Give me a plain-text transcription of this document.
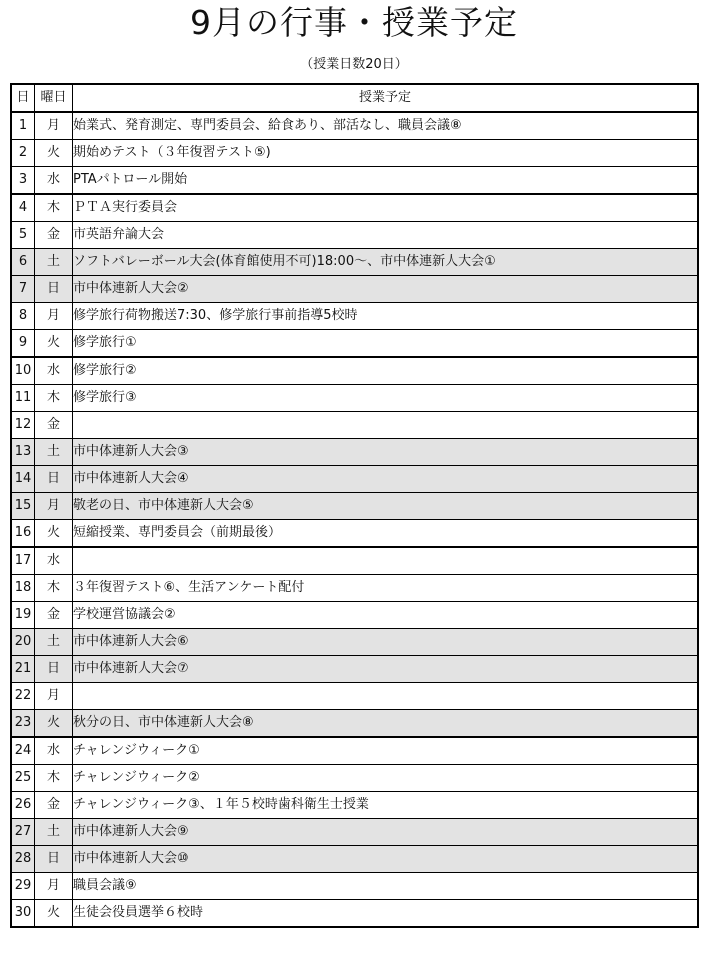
9月の行事・授業予定
（授業日数20日）
日	曜日	授業予定
1	月	始業式、発育測定、専門委員会、給食あり、部活なし、職員会議⑧
2	火	期始めテスト（３年復習テスト⑤)
3	水	PTAパトロール開始
4	木	ＰＴＡ実行委員会
5	金	市英語弁論大会
6	土	ソフトバレーボール大会(体育館使用不可)18:00～、市中体連新人大会①
7	日	市中体連新人大会②
8	月	修学旅行荷物搬送7:30、修学旅行事前指導5校時
9	火	修学旅行①
10	水	修学旅行②
11	木	修学旅行③
12	金	
13	土	市中体連新人大会③
14	日	市中体連新人大会④
15	月	敬老の日、市中体連新人大会⑤
16	火	短縮授業、専門委員会（前期最後）
17	水	
18	木	３年復習テスト⑥、生活アンケート配付
19	金	学校運営協議会②
20	土	市中体連新人大会⑥
21	日	市中体連新人大会⑦
22	月	
23	火	秋分の日、市中体連新人大会⑧
24	水	チャレンジウィーク①
25	木	チャレンジウィーク②
26	金	チャレンジウィーク③、１年５校時歯科衛生士授業
27	土	市中体連新人大会⑨
28	日	市中体連新人大会⑩
29	月	職員会議⑨
30	火	生徒会役員選挙６校時
